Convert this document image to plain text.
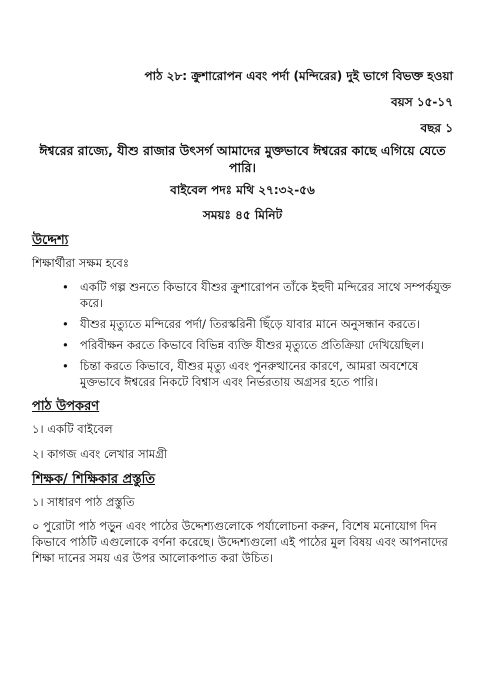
পাঠ ২৮: ক্রুশারোপন এবং পর্দা (মন্দিরের) দুই ভাগে বিভক্ত হওয়া
বয়স ১৫-১৭
বছর ১
ঈশ্বরের রাজ্যে, যীশু রাজার উৎসর্গ আমাদের মুক্তভাবে ঈশ্বরের কাছে এগিয়ে যেতে পারি।
বাইবেল পদঃ মথি ২৭:৩২-৫৬
সময়ঃ ৪৫ মিনিট
উদ্দেশ্য
শিক্ষার্থীরা সক্ষম হবেঃ
• একটি গল্প শুনতে কিভাবে যীশুর ক্রুশারোপন তাঁকে ইহুদী মন্দিরের সাথে সম্পর্কযুক্ত করে।
• যীশুর মৃত্যুতে মন্দিরের পর্দা/ তিরস্করিনী ছিঁড়ে যাবার মানে অনুসন্ধান করতে।
• পরিবীক্ষন করতে কিভাবে বিভিন্ন ব্যক্তি যীশুর মৃত্যুতে প্রতিক্রিয়া দেখিয়েছিল।
• চিন্তা করতে কিভাবে, যীশুর মৃত্যু এবং পুনরুত্থানের কারণে, আমরা অবশেষে মুক্তভাবে ঈশ্বরের নিকটে বিশ্বাস এবং নির্ভরতায় অগ্রসর হতে পারি।
পাঠ উপকরণ
১। একটি বাইবেল
২। কাগজ এবং লেখার সামগ্রী
শিক্ষক/ শিক্ষিকার প্রস্তুতি
১। সাধারণ পাঠ প্রস্তুতি
০ পুরোটা পাঠ পড়ুন এবং পাঠের উদ্দেশ্যগুলোকে পর্যালোচনা করুন, বিশেষ মনোযোগ দিন কিভাবে পাঠটি এগুলোকে বর্ণনা করেছে। উদ্দেশ্যগুলো এই পাঠের মুল বিষয় এবং আপনাদের শিক্ষা দানের সময় এর উপর আলোকপাত করা উচিত।
